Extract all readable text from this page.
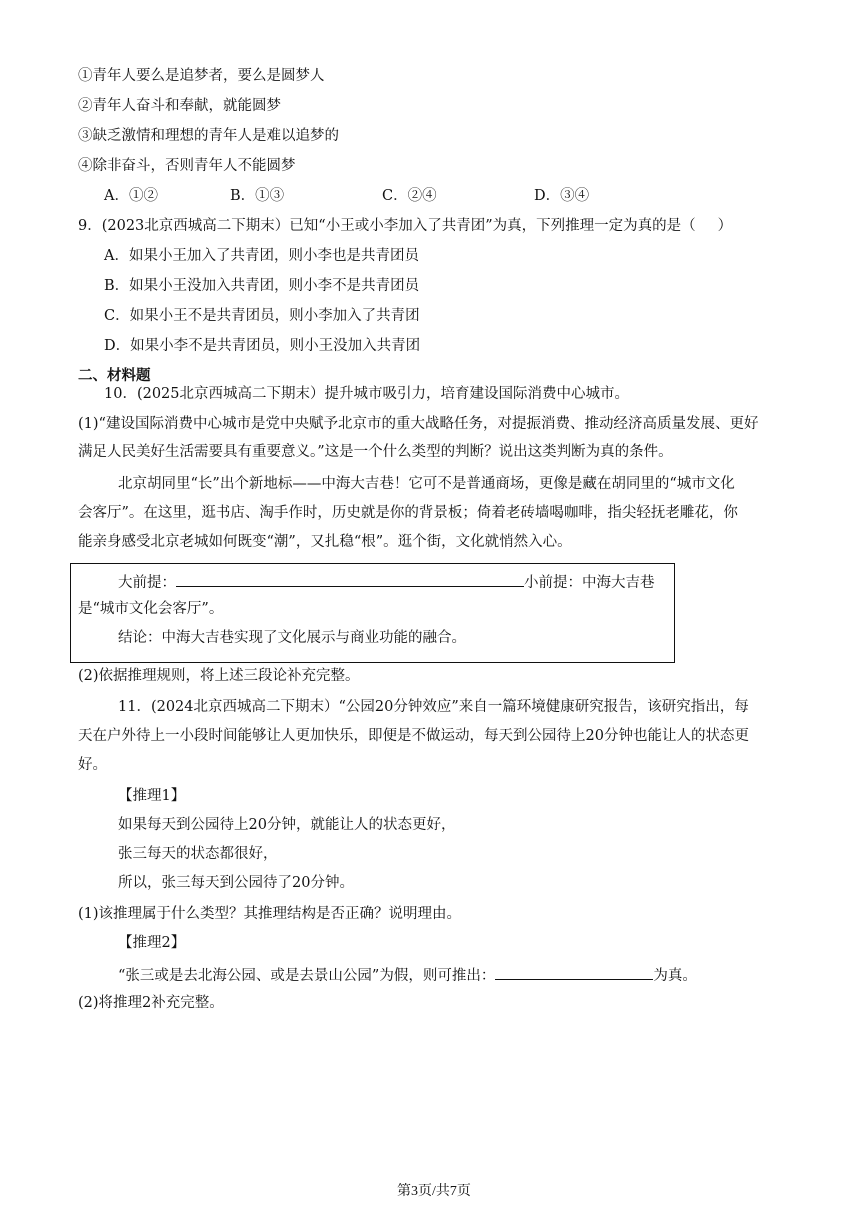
①青年人要么是追梦者，要么是圆梦人
②青年人奋斗和奉献，就能圆梦
③缺乏激情和理想的青年人是难以追梦的
④除非奋斗，否则青年人不能圆梦
A．①②	B．①③	C．②④	D．③④
9．(2023北京西城高二下期末）已知“小王或小李加入了共青团”为真，下列推理一定为真的是（ ）
A．如果小王加入了共青团，则小李也是共青团员
B．如果小王没加入共青团，则小李不是共青团员
C．如果小王不是共青团员，则小李加入了共青团
D．如果小李不是共青团员，则小王没加入共青团
二、材料题
10．(2025北京西城高二下期末）提升城市吸引力，培育建设国际消费中心城市。
(1)“建设国际消费中心城市是党中央赋予北京市的重大战略任务，对提振消费、推动经济高质量发展、更好
满足人民美好生活需要具有重要意义。”这是一个什么类型的判断？说出这类判断为真的条件。
北京胡同里“长”出个新地标——中海大吉巷！它可不是普通商场，更像是藏在胡同里的“城市文化
会客厅”。在这里，逛书店、淘手作时，历史就是你的背景板；倚着老砖墙喝咖啡，指尖轻抚老雕花，你
能亲身感受北京老城如何既变“潮”，又扎稳“根”。逛个街，文化就悄然入心。
大前提：	小前提：中海大吉巷
是“城市文化会客厅”。
结论：中海大吉巷实现了文化展示与商业功能的融合。
(2)依据推理规则，将上述三段论补充完整。
11．(2024北京西城高二下期末）“公园20分钟效应”来自一篇环境健康研究报告，该研究指出，每
天在户外待上一小段时间能够让人更加快乐，即便是不做运动，每天到公园待上20分钟也能让人的状态更
好。
【推理1】
如果每天到公园待上20分钟，就能让人的状态更好，
张三每天的状态都很好，
所以，张三每天到公园待了20分钟。
(1)该推理属于什么类型？其推理结构是否正确？说明理由。
【推理2】
“张三或是去北海公园、或是去景山公园”为假，则可推出：	为真。
(2)将推理2补充完整。
第3页/共7页
